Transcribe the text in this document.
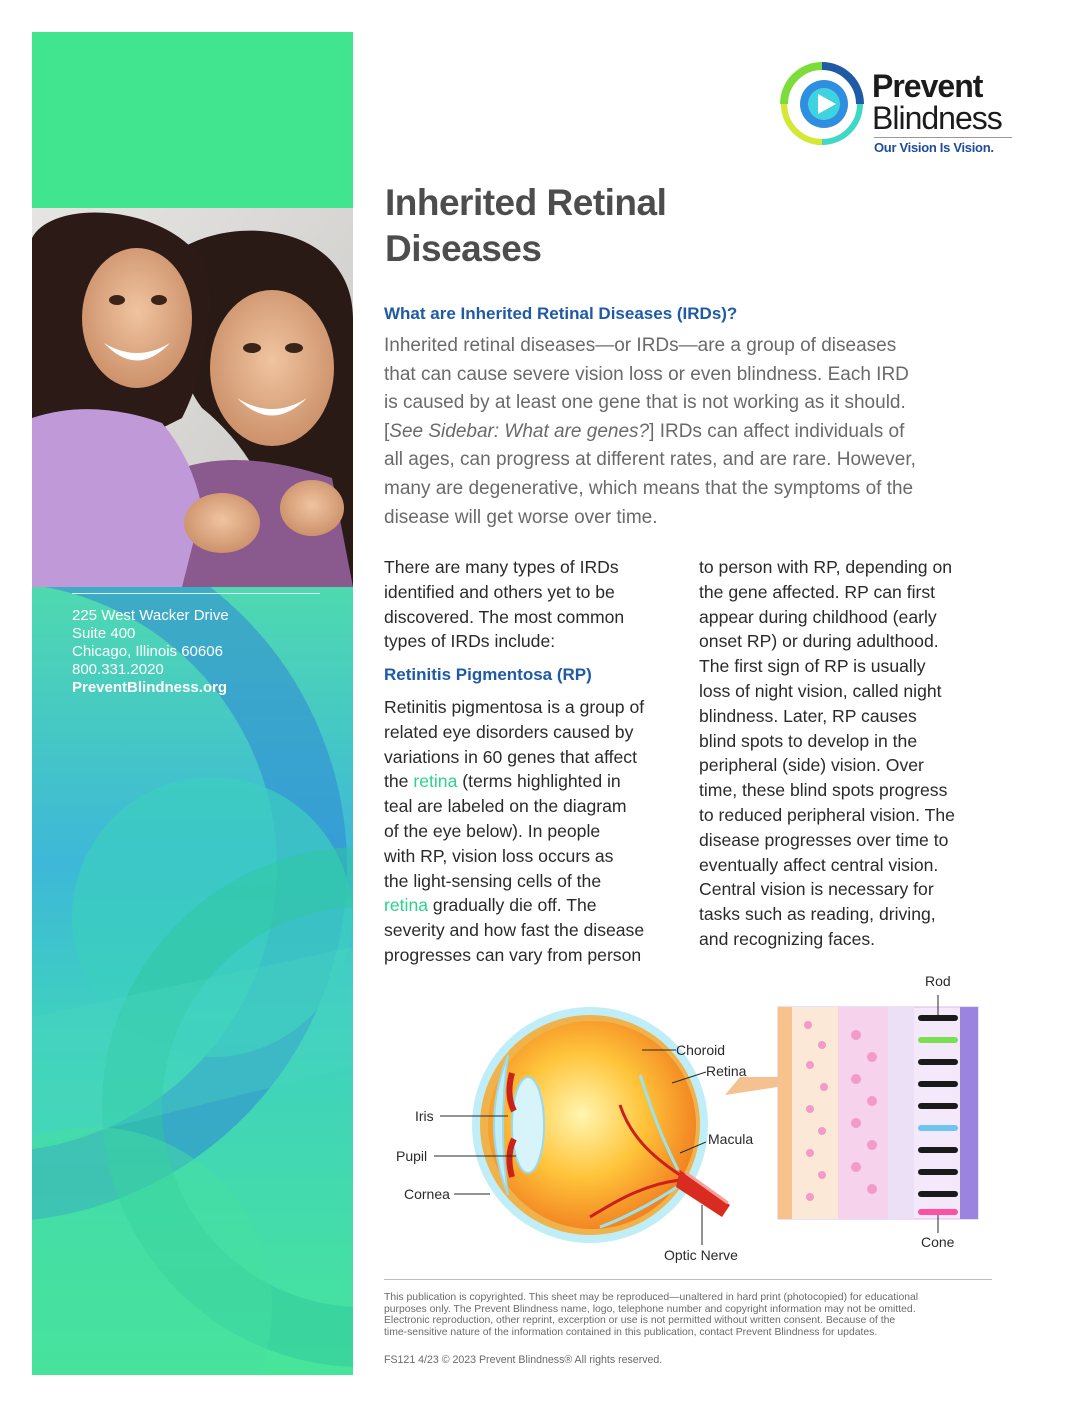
225 West Wacker Drive
Suite 400
Chicago, Illinois 60606
800.331.2020
PreventBlindness.org
Prevent
Blindness
Our Vision Is Vision.
Inherited Retinal
Diseases
What are Inherited Retinal Diseases (IRDs)?
Inherited retinal diseases—or IRDs—are a group of diseases
that can cause severe vision loss or even blindness. Each IRD
is caused by at least one gene that is not working as it should.
[See Sidebar: What are genes?] IRDs can affect individuals of
all ages, can progress at different rates, and are rare. However,
many are degenerative, which means that the symptoms of the
disease will get worse over time.
There are many types of IRDs
identified and others yet to be
discovered. The most common
types of IRDs include:
Retinitis Pigmentosa (RP)
Retinitis pigmentosa is a group of
related eye disorders caused by
variations in 60 genes that affect
the retina (terms highlighted in
teal are labeled on the diagram
of the eye below). In people
with RP, vision loss occurs as
the light-sensing cells of the
retina gradually die off. The
severity and how fast the disease
progresses can vary from person
to person with RP, depending on
the gene affected. RP can first
appear during childhood (early
onset RP) or during adulthood.
The first sign of RP is usually
loss of night vision, called night
blindness. Later, RP causes
blind spots to develop in the
peripheral (side) vision. Over
time, these blind spots progress
to reduced peripheral vision. The
disease progresses over time to
eventually affect central vision.
Central vision is necessary for
tasks such as reading, driving,
and recognizing faces.
Rod
Choroid
Retina
Iris
Macula
Pupil
Cornea
Cone
Optic Nerve
This publication is copyrighted. This sheet may be reproduced—unaltered in hard print (photocopied) for educational
purposes only. The Prevent Blindness name, logo, telephone number and copyright information may not be omitted.
Electronic reproduction, other reprint, excerption or use is not permitted without written consent. Because of the
time-sensitive nature of the information contained in this publication, contact Prevent Blindness for updates.
FS121 4/23 © 2023 Prevent Blindness® All rights reserved.
